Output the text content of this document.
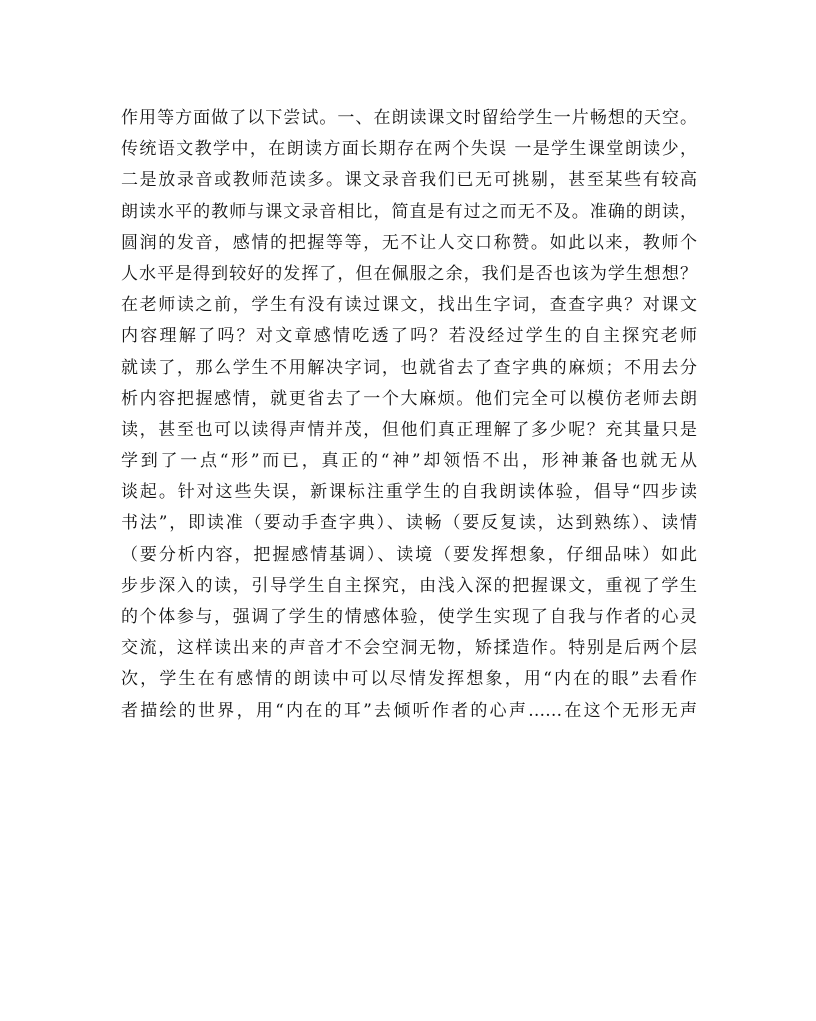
作用等方面做了以下尝试。一、在朗读课文时留给学生一片畅想的天空。
传统语文教学中，在朗读方面长期存在两个失误 一是学生课堂朗读少，
二是放录音或教师范读多。课文录音我们已无可挑剔，甚至某些有较高
朗读水平的教师与课文录音相比，简直是有过之而无不及。准确的朗读，
圆润的发音，感情的把握等等，无不让人交口称赞。如此以来，教师个
人水平是得到较好的发挥了，但在佩服之余，我们是否也该为学生想想？
在老师读之前，学生有没有读过课文，找出生字词，查查字典？对课文
内容理解了吗？对文章感情吃透了吗？若没经过学生的自主探究老师
就读了，那么学生不用解决字词，也就省去了查字典的麻烦；不用去分
析内容把握感情，就更省去了一个大麻烦。他们完全可以模仿老师去朗
读，甚至也可以读得声情并茂，但他们真正理解了多少呢？充其量只是
学到了一点“形”而已，真正的“神”却领悟不出，形神兼备也就无从
谈起。针对这些失误，新课标注重学生的自我朗读体验，倡导“四步读
书法”，即读准（要动手查字典）、读畅（要反复读，达到熟练）、读情
（要分析内容，把握感情基调）、读境（要发挥想象，仔细品味）如此
步步深入的读，引导学生自主探究，由浅入深的把握课文，重视了学生
的个体参与，强调了学生的情感体验，使学生实现了自我与作者的心灵
交流，这样读出来的声音才不会空洞无物，矫揉造作。特别是后两个层
次，学生在有感情的朗读中可以尽情发挥想象，用“内在的眼”去看作
者描绘的世界，用“内在的耳”去倾听作者的心声……在这个无形无声
